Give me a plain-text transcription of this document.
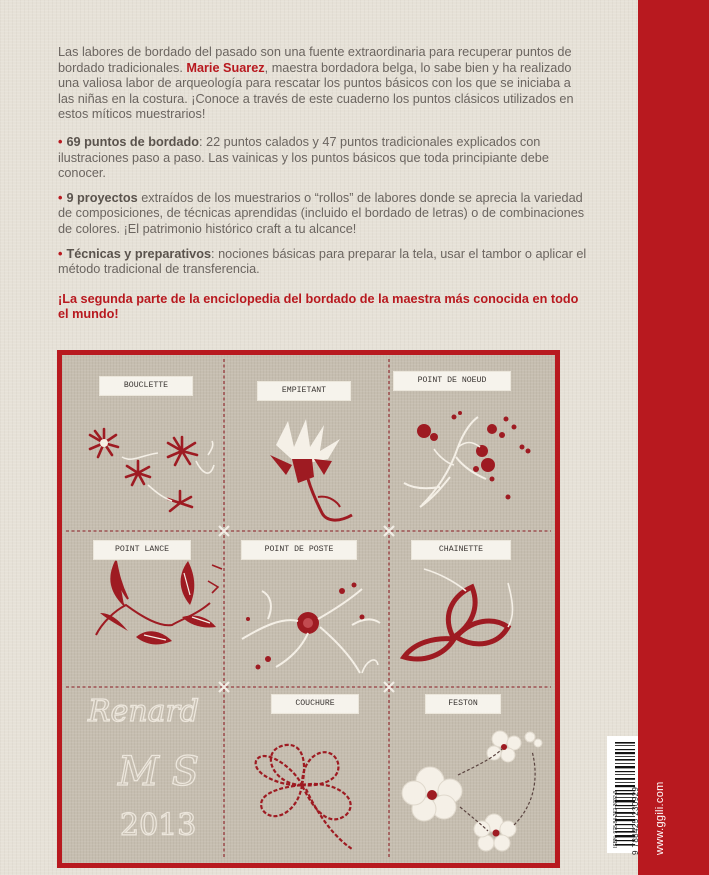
www.ggili.com

Las labores de bordado del pasado son una fuente extraordinaria para recuperar puntos de bordado tradicionales. Marie Suarez, maestra bordadora belga, lo sabe bien y ha realizado una valiosa labor de arqueología para rescatar los puntos básicos con los que se iniciaba a las niñas en la costura. ¡Conoce a través de este cuaderno los puntos clásicos utilizados en estos míticos muestrarios!

• 69 puntos de bordado: 22 puntos calados y 47 puntos tradicionales explicados con ilustraciones paso a paso. Las vainicas y los puntos básicos que toda principiante debe conocer.
• 9 proyectos extraídos de los muestrarios o “rollos” de labores donde se aprecia la variedad de composiciones, de técnicas aprendidas (incluido el bordado de letras) o de combinaciones de colores. ¡El patrimonio histórico craft a tu alcance!
• Técnicas y preparativos: nociones básicas para preparar la tela, usar el tambor o aplicar el método tradicional de transferencia.

¡La segunda parte de la enciclopedia del bordado de la maestra más conocida en todo el mundo!

Renard
M S
2013
BOUCLETTE
EMPIETANT
POINT DE NOEUD
POINT LANCE	POINT DE POSTE	CHAINETTE
COUCHURE	FESTON
ISBN: 978-84-252-3092-9 9 788425 230929
